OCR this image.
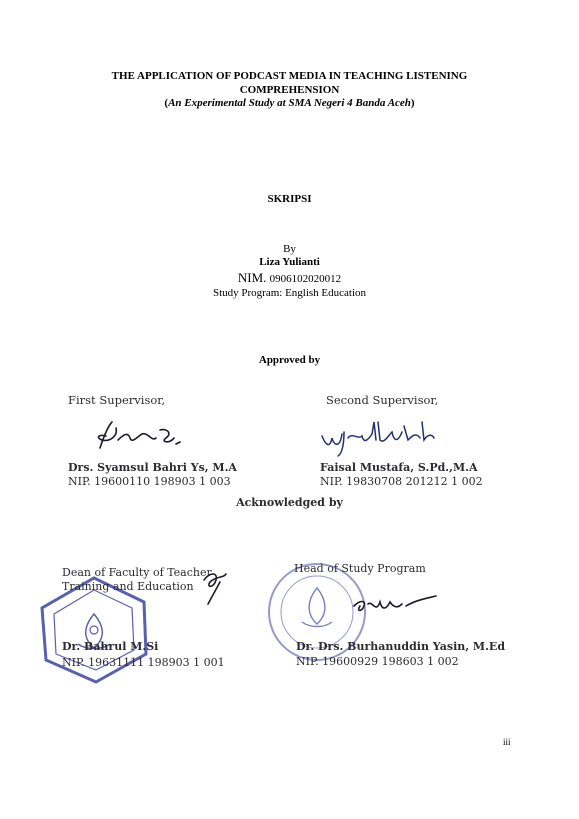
THE APPLICATION OF PODCAST MEDIA IN TEACHING LISTENING
COMPREHENSION
(An Experimental Study at SMA Negeri 4 Banda Aceh)
SKRIPSI
By
Liza Yulianti
NIM. 0906102020012
Study Program: English Education
Approved by
First Supervisor,
Drs. Syamsul Bahri Ys, M.A
NIP. 19600110 198903 1 003
Second Supervisor,
Faisal Mustafa, S.Pd.,M.A
NIP. 19830708 201212 1 002
Acknowledged by
Dean of Faculty of Teacher
Training and Education
Dr. Bahrul M.Si
NIP. 19631111 198903 1 001
Head of Study Program
Dr. Drs. Burhanuddin Yasin, M.Ed
NIP. 19600929 198603 1 002
iii
